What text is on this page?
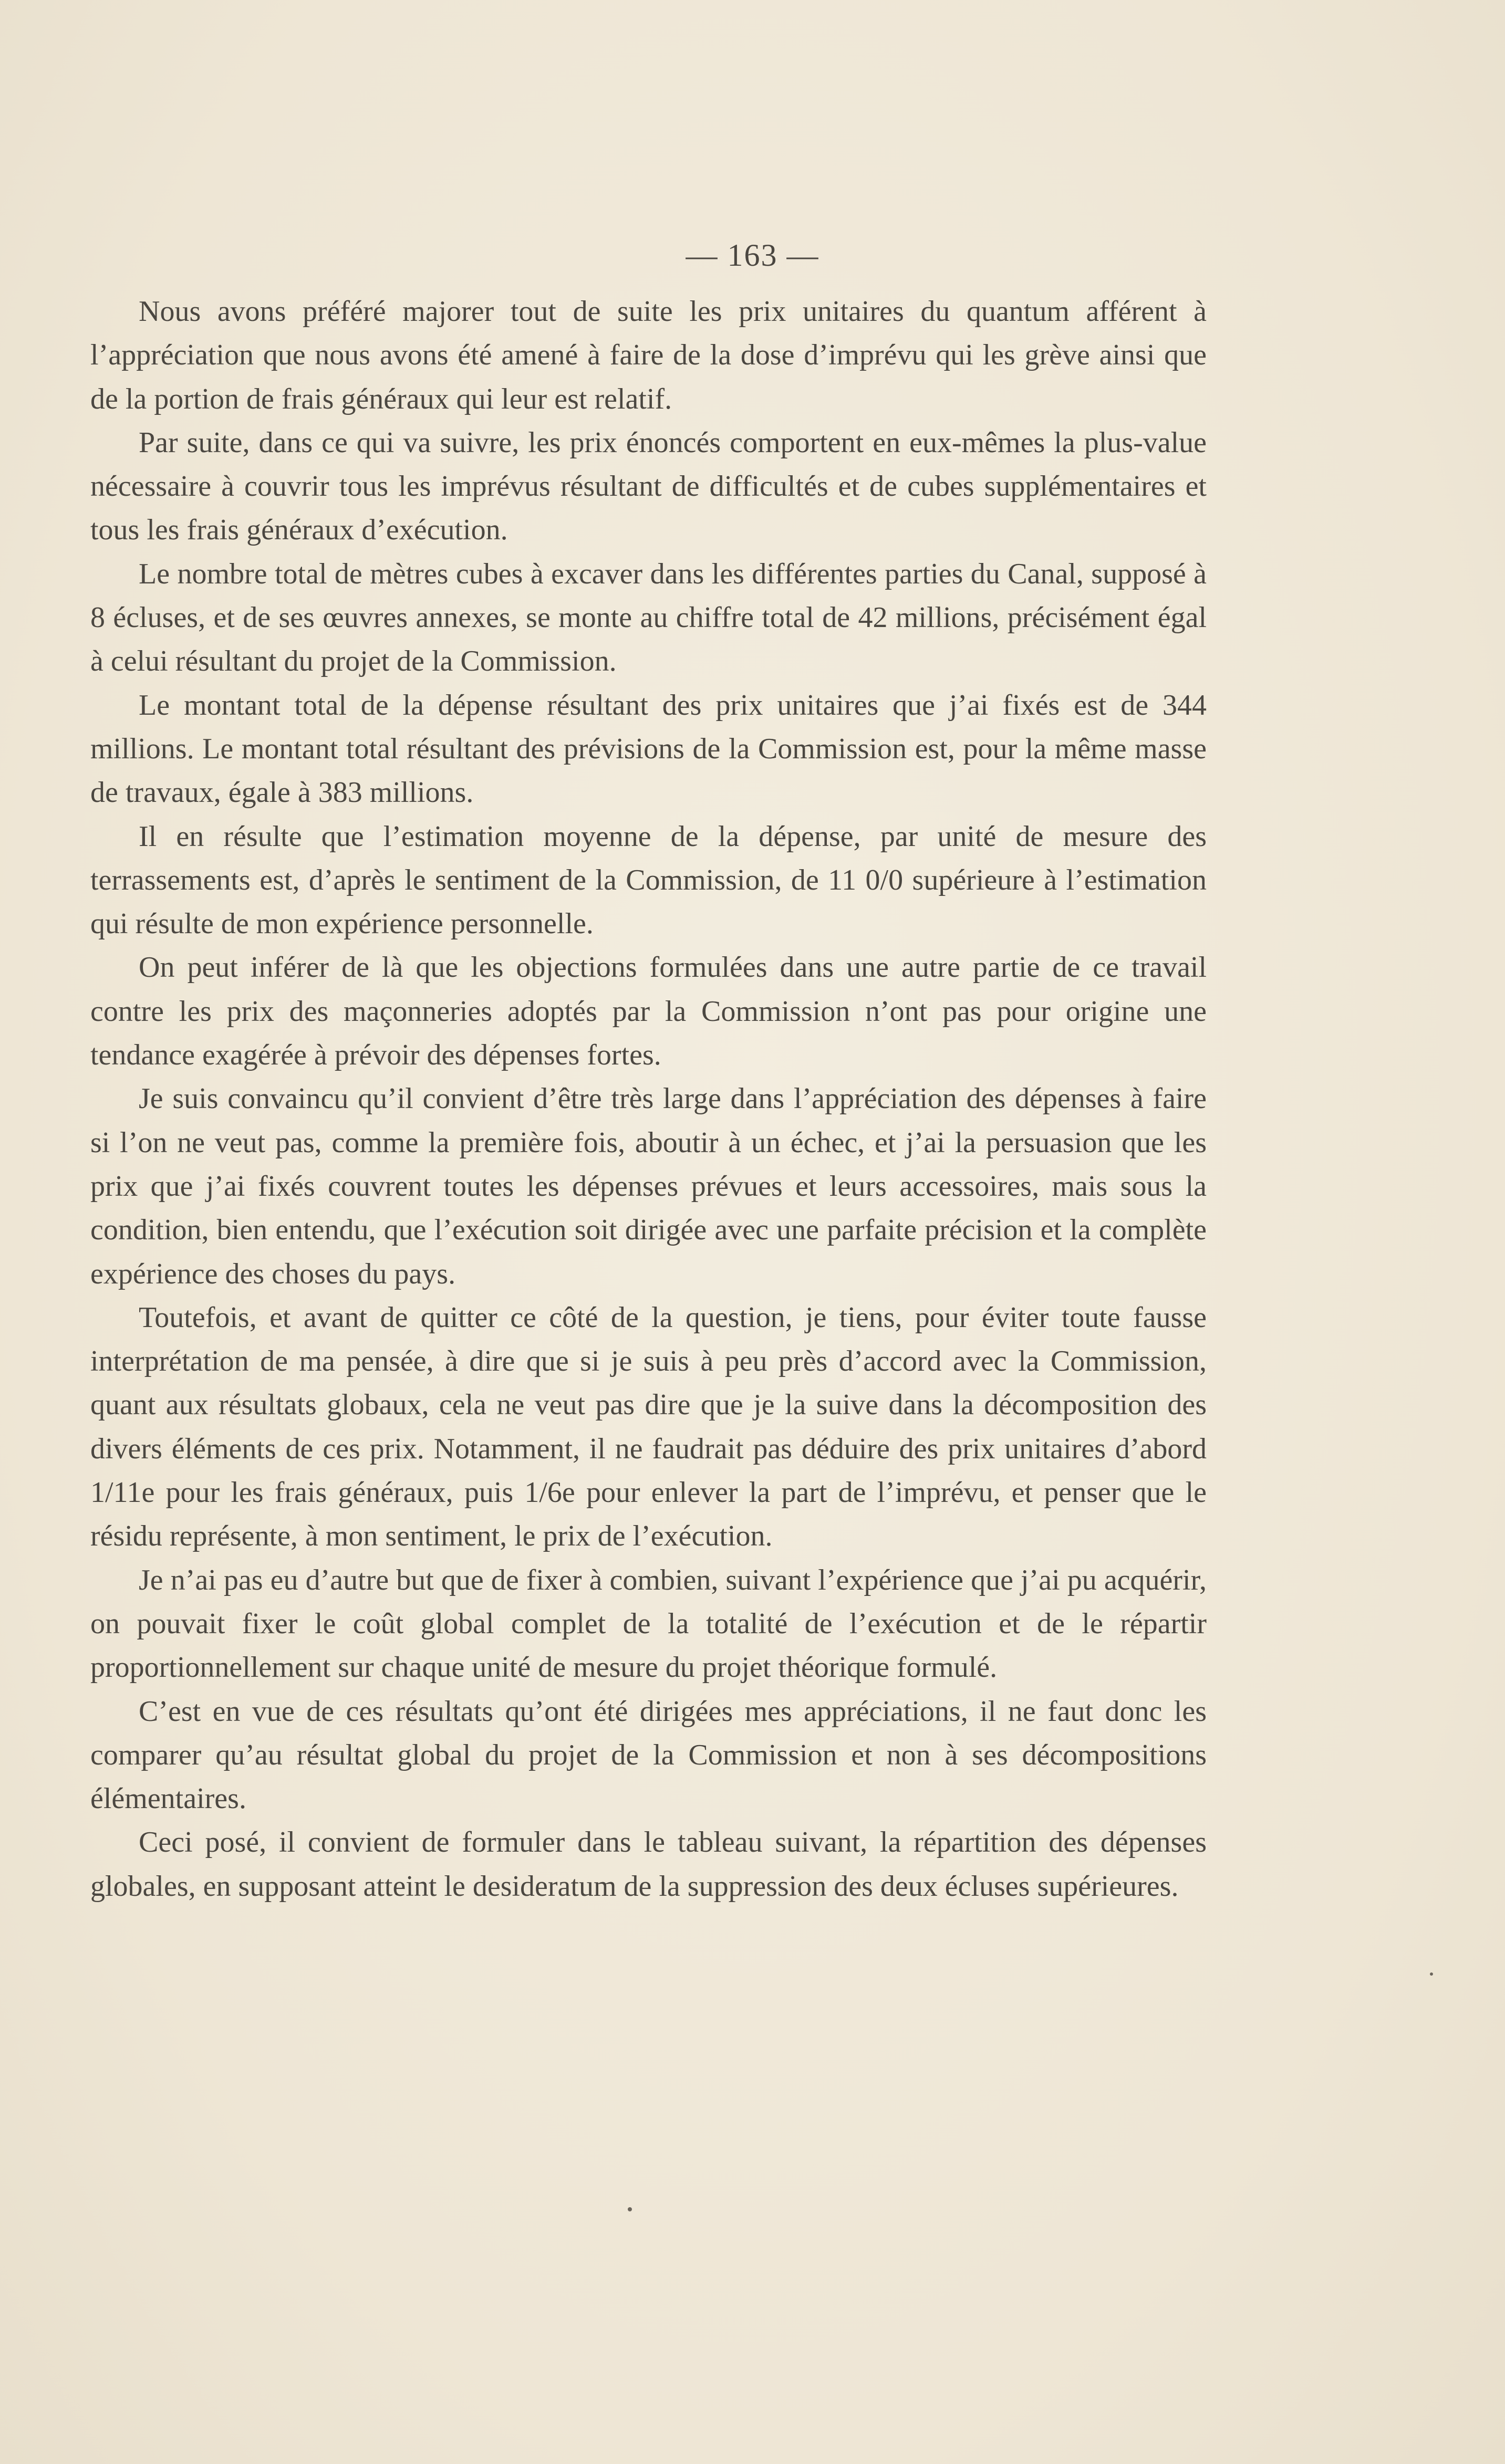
— 163 —

Nous avons préféré majorer tout de suite les prix unitaires du quantum afférent à l’appréciation que nous avons été amené à faire de la dose d’imprévu qui les grève ainsi que de la portion de frais généraux qui leur est relatif.

Par suite, dans ce qui va suivre, les prix énoncés comportent en eux-mêmes la plus-value nécessaire à couvrir tous les imprévus résultant de difficultés et de cubes supplémentaires et tous les frais généraux d’exécution.

Le nombre total de mètres cubes à excaver dans les différentes parties du Canal, supposé à 8 écluses, et de ses œuvres annexes, se monte au chiffre total de 42 millions, précisément égal à celui résultant du projet de la Commission.

Le montant total de la dépense résultant des prix unitaires que j’ai fixés est de 344 millions. Le montant total résultant des prévisions de la Commission est, pour la même masse de travaux, égale à 383 millions.

Il en résulte que l’estimation moyenne de la dépense, par unité de mesure des terrassements est, d’après le sentiment de la Commission, de 11 0/0 supérieure à l’estimation qui résulte de mon expérience personnelle.

On peut inférer de là que les objections formulées dans une autre partie de ce travail contre les prix des maçonneries adoptés par la Commission n’ont pas pour origine une tendance exagérée à prévoir des dépenses fortes.

Je suis convaincu qu’il convient d’être très large dans l’appréciation des dépenses à faire si l’on ne veut pas, comme la première fois, aboutir à un échec, et j’ai la persuasion que les prix que j’ai fixés couvrent toutes les dépenses prévues et leurs accessoires, mais sous la condition, bien entendu, que l’exécution soit dirigée avec une parfaite précision et la complète expérience des choses du pays.

Toutefois, et avant de quitter ce côté de la question, je tiens, pour éviter toute fausse interprétation de ma pensée, à dire que si je suis à peu près d’accord avec la Commission, quant aux résultats globaux, cela ne veut pas dire que je la suive dans la décomposition des divers éléments de ces prix. Notamment, il ne faudrait pas déduire des prix unitaires d’abord 1/11e pour les frais généraux, puis 1/6e pour enlever la part de l’imprévu, et penser que le résidu représente, à mon sentiment, le prix de l’exécution.

Je n’ai pas eu d’autre but que de fixer à combien, suivant l’expérience que j’ai pu acquérir, on pouvait fixer le coût global complet de la totalité de l’exécution et de le répartir proportionnellement sur chaque unité de mesure du projet théorique formulé.

C’est en vue de ces résultats qu’ont été dirigées mes appréciations, il ne faut donc les comparer qu’au résultat global du projet de la Commission et non à ses décompositions élémentaires.

Ceci posé, il convient de formuler dans le tableau suivant, la répartition des dépenses globales, en supposant atteint le desideratum de la suppression des deux écluses supérieures.
